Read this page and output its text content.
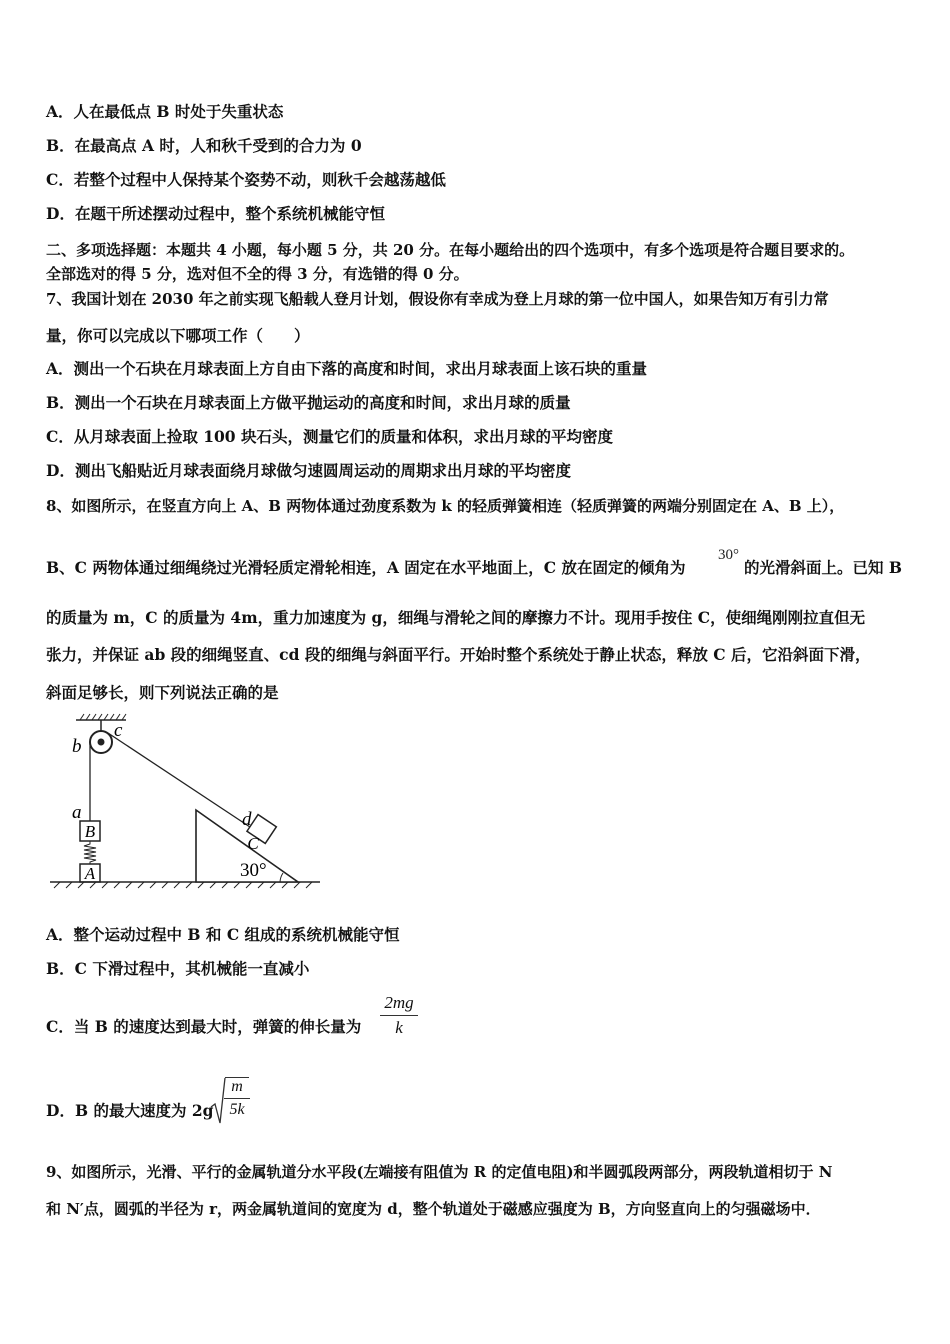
A．人在最低点 B 时处于失重状态
B．在最高点 A 时，人和秋千受到的合力为 0
C．若整个过程中人保持某个姿势不动，则秋千会越荡越低
D．在题干所述摆动过程中，整个系统机械能守恒
二、多项选择题：本题共 4 小题，每小题 5 分，共 20 分。在每小题给出的四个选项中，有多个选项是符合题目要求的。
全部选对的得 5 分，选对但不全的得 3 分，有选错的得 0 分。
7、我国计划在 2030 年之前实现飞船载人登月计划，假设你有幸成为登上月球的第一位中国人，如果告知万有引力常
量，你可以完成以下哪项工作（　　）
A．测出一个石块在月球表面上方自由下落的高度和时间，求出月球表面上该石块的重量
B．测出一个石块在月球表面上方做平抛运动的高度和时间，求出月球的质量
C．从月球表面上捡取 100 块石头，测量它们的质量和体积，求出月球的平均密度
D．测出飞船贴近月球表面绕月球做匀速圆周运动的周期求出月球的平均密度
8、如图所示，在竖直方向上 A、B 两物体通过劲度系数为 k 的轻质弹簧相连（轻质弹簧的两端分别固定在 A、B 上），
B、C 两物体通过细绳绕过光滑轻质定滑轮相连，A 固定在水平地面上，C 放在固定的倾角为
30°
的光滑斜面上。已知 B
的质量为 m，C 的质量为 4m，重力加速度为 g，细绳与滑轮之间的摩擦力不计。现用手按住 C，使细绳刚刚拉直但无
张力，并保证 ab 段的细绳竖直、cd 段的细绳与斜面平行。开始时整个系统处于静止状态，释放 C 后，它沿斜面下滑，
斜面足够长，则下列说法正确的是
B
A
C
b
c
a	d
30°
A．整个运动过程中 B 和 C 组成的系统机械能守恒
B．C 下滑过程中，其机械能一直减小
C．当 B 的速度达到最大时，弹簧的伸长量为
2mg
k
D．B 的最大速度为 2g
m
5k
9、如图所示，光滑、平行的金属轨道分水平段(左端接有阻值为 R 的定值电阻)和半圆弧段两部分，两段轨道相切于 N
和 N′点，圆弧的半径为 r，两金属轨道间的宽度为 d，整个轨道处于磁感应强度为 B，方向竖直向上的匀强磁场中．
